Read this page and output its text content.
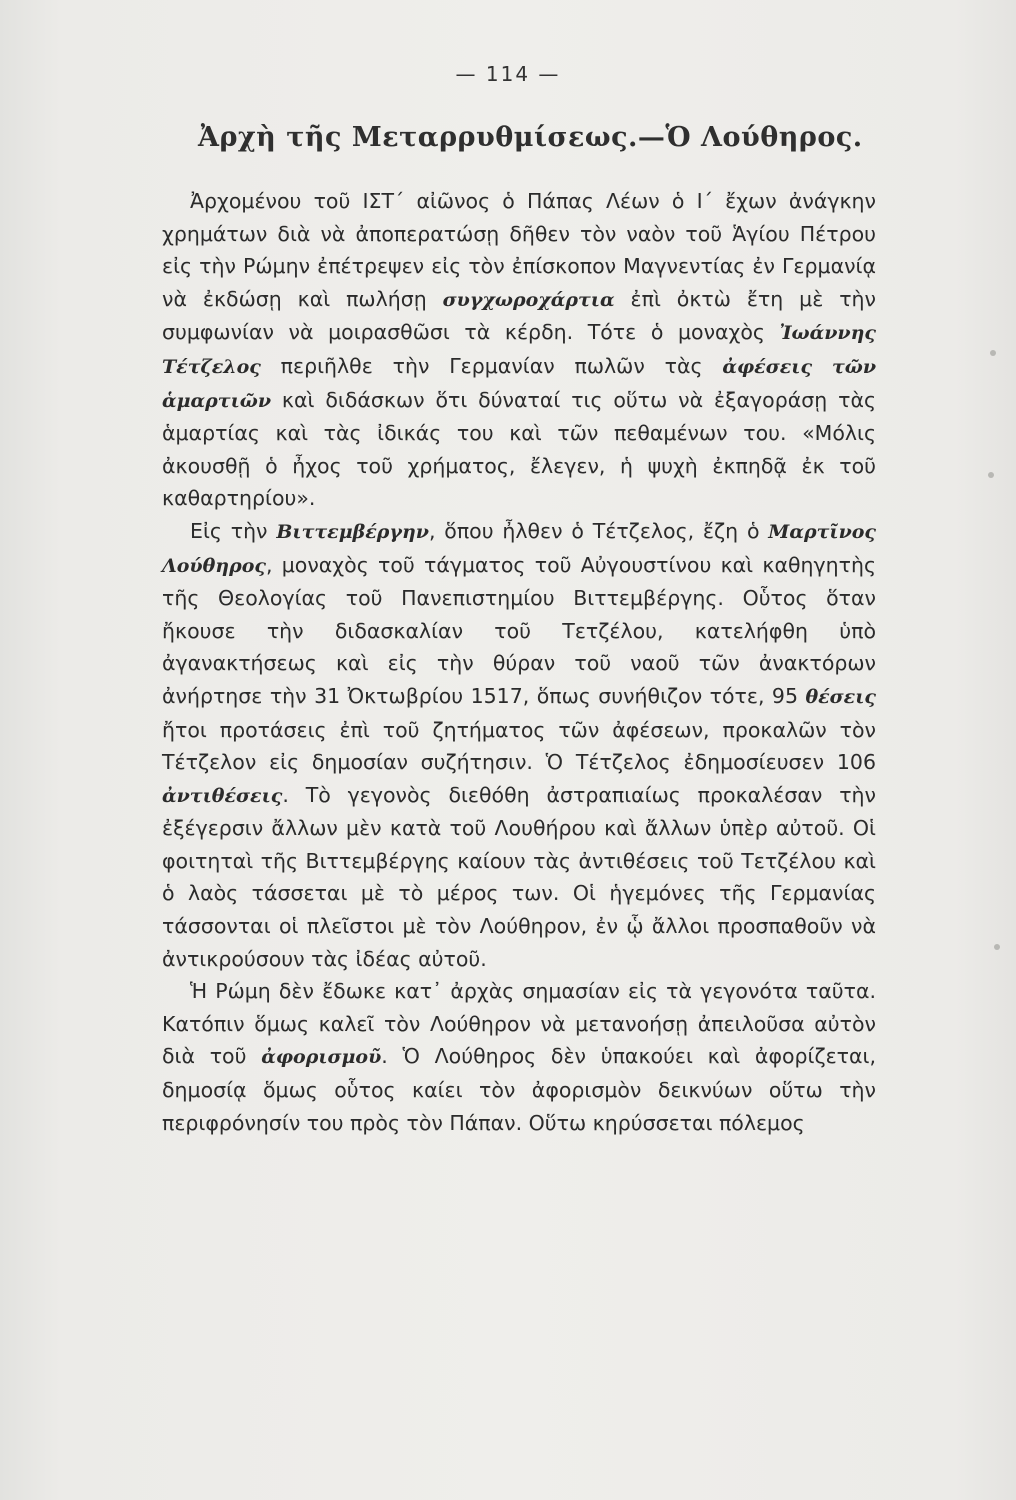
— 114 —
Ἀρχὴ τῆς Μεταρρυθμίσεως.—Ὁ Λούθηρος.

Ἀρχομένου τοῦ ΙΣΤ΄ αἰῶνος ὁ Πάπας Λέων ὁ Ι΄ ἔχων ἀνάγκην χρημάτων διὰ νὰ ἀποπερατώσῃ δῆθεν τὸν ναὸν τοῦ Ἁγίου Πέτρου εἰς τὴν Ρώμην ἐπέτρεψεν εἰς τὸν ἐπίσκοπον Μαγνεντίας ἐν Γερμανίᾳ νὰ ἐκδώσῃ καὶ πωλήσῃ συγχωροχάρτια ἐπὶ ὀκτὼ ἔτη μὲ τὴν συμφωνίαν νὰ μοιρασθῶσι τὰ κέρδη. Τότε ὁ μοναχὸς Ἰωάννης Τέτζελος περιῆλθε τὴν Γερμανίαν πωλῶν τὰς ἀφέσεις τῶν ἁμαρτιῶν καὶ διδάσκων ὅτι δύναταί τις οὕτω νὰ ἐξαγοράσῃ τὰς ἁμαρτίας καὶ τὰς ἰδικάς του καὶ τῶν πεθαμένων του. «Μόλις ἀκουσθῇ ὁ ἦχος τοῦ χρήματος, ἔλεγεν, ἡ ψυχὴ ἐκπηδᾷ ἐκ τοῦ καθαρτηρίου».

Εἰς τὴν Βιττεμβέργην, ὅπου ἦλθεν ὁ Τέτζελος, ἔζη ὁ Μαρτῖνος Λούθηρος, μοναχὸς τοῦ τάγματος τοῦ Αὐγουστίνου καὶ καθηγητὴς τῆς Θεολογίας τοῦ Πανεπιστημίου Βιττεμβέργης. Οὗτος ὅταν ἤκουσε τὴν διδασκαλίαν τοῦ Τετζέλου, κατελήφθη ὑπὸ ἀγανακτήσεως καὶ εἰς τὴν θύραν τοῦ ναοῦ τῶν ἀνακτόρων ἀνήρτησε τὴν 31 Ὀκτωβρίου 1517, ὅπως συνήθιζον τότε, 95 θέσεις ἤτοι προτάσεις ἐπὶ τοῦ ζητήματος τῶν ἀφέσεων, προκαλῶν τὸν Τέτζελον εἰς δημοσίαν συζήτησιν. Ὁ Τέτζελος ἐδημοσίευσεν 106 ἀντιθέσεις. Τὸ γεγονὸς διεθόθη ἀστραπιαίως προκαλέσαν τὴν ἐξέγερσιν ἄλλων μὲν κατὰ τοῦ Λουθήρου καὶ ἄλλων ὑπὲρ αὐτοῦ. Οἱ φοιτηταὶ τῆς Βιττεμβέργης καίουν τὰς ἀντιθέσεις τοῦ Τετζέλου καὶ ὁ λαὸς τάσσεται μὲ τὸ μέρος των. Οἱ ἡγεμόνες τῆς Γερμανίας τάσσονται οἱ πλεῖστοι μὲ τὸν Λούθηρον, ἐν ᾧ ἄλλοι προσπαθοῦν νὰ ἀντικρούσουν τὰς ἰδέας αὐτοῦ.

Ἡ Ρώμη δὲν ἔδωκε κατ᾽ ἀρχὰς σημασίαν εἰς τὰ γεγονότα ταῦτα. Κατόπιν ὅμως καλεῖ τὸν Λούθηρον νὰ μετανοήσῃ ἀπειλοῦσα αὐτὸν διὰ τοῦ ἀφορισμοῦ. Ὁ Λούθηρος δὲν ὑπακούει καὶ ἀφορίζεται, δημοσίᾳ ὅμως οὗτος καίει τὸν ἀφορισμὸν δεικνύων οὕτω τὴν περιφρόνησίν του πρὸς τὸν Πάπαν. Οὕτω κηρύσσεται πόλεμος
